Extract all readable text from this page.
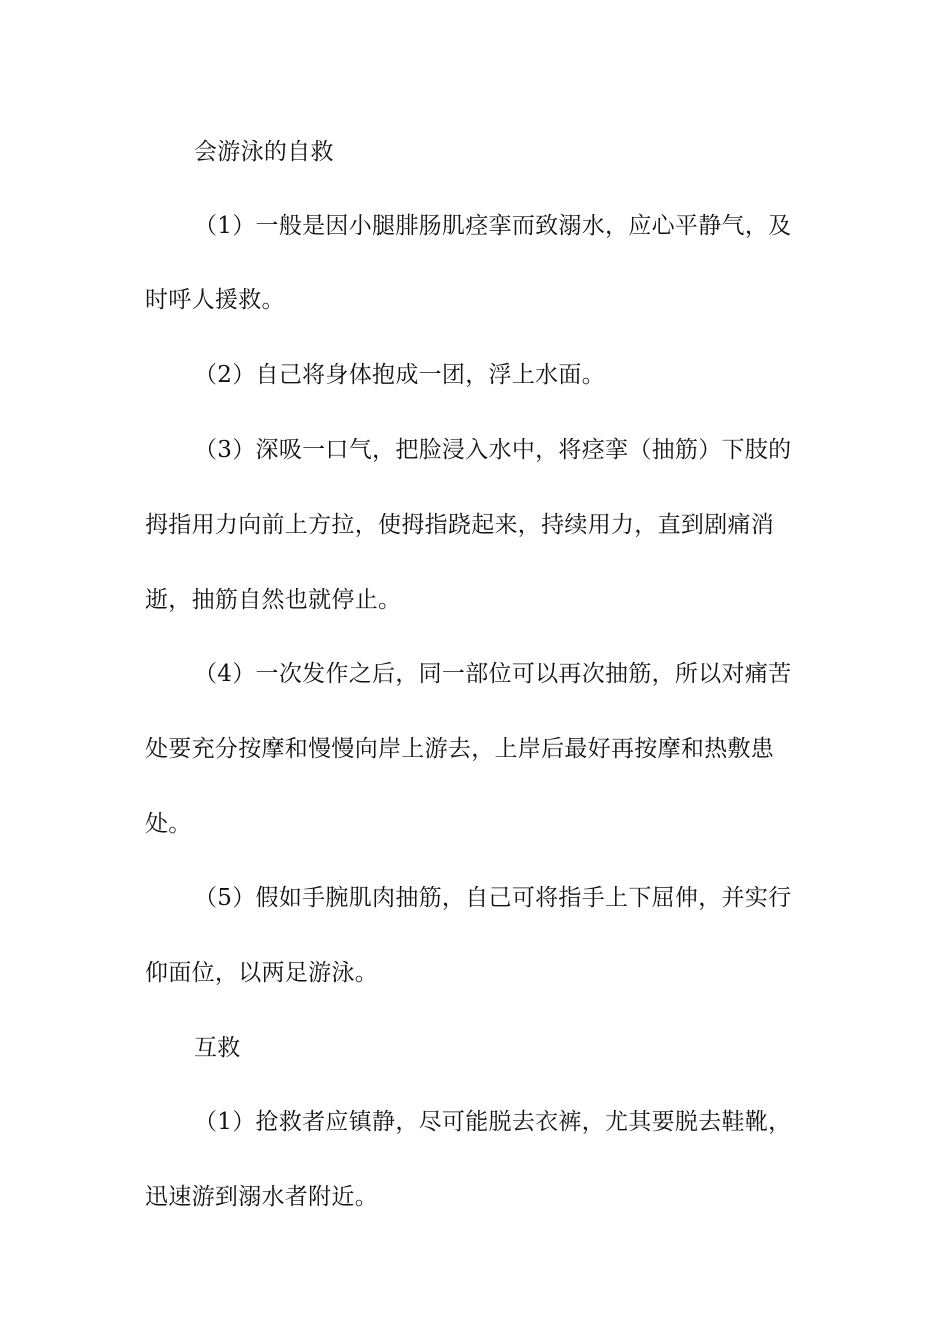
会游泳的自救
（1）一般是因小腿腓肠肌痉挛而致溺水，应心平静气，及
时呼人援救。
（2）自己将身体抱成一团，浮上水面。
（3）深吸一口气，把脸浸入水中，将痉挛（抽筋）下肢的
拇指用力向前上方拉，使拇指跷起来，持续用力，直到剧痛消
逝，抽筋自然也就停止。
（4）一次发作之后，同一部位可以再次抽筋，所以对痛苦
处要充分按摩和慢慢向岸上游去，上岸后最好再按摩和热敷患
处。
（5）假如手腕肌肉抽筋，自己可将指手上下屈伸，并实行
仰面位，以两足游泳。
互救
（1）抢救者应镇静，尽可能脱去衣裤，尤其要脱去鞋靴，
迅速游到溺水者附近。
